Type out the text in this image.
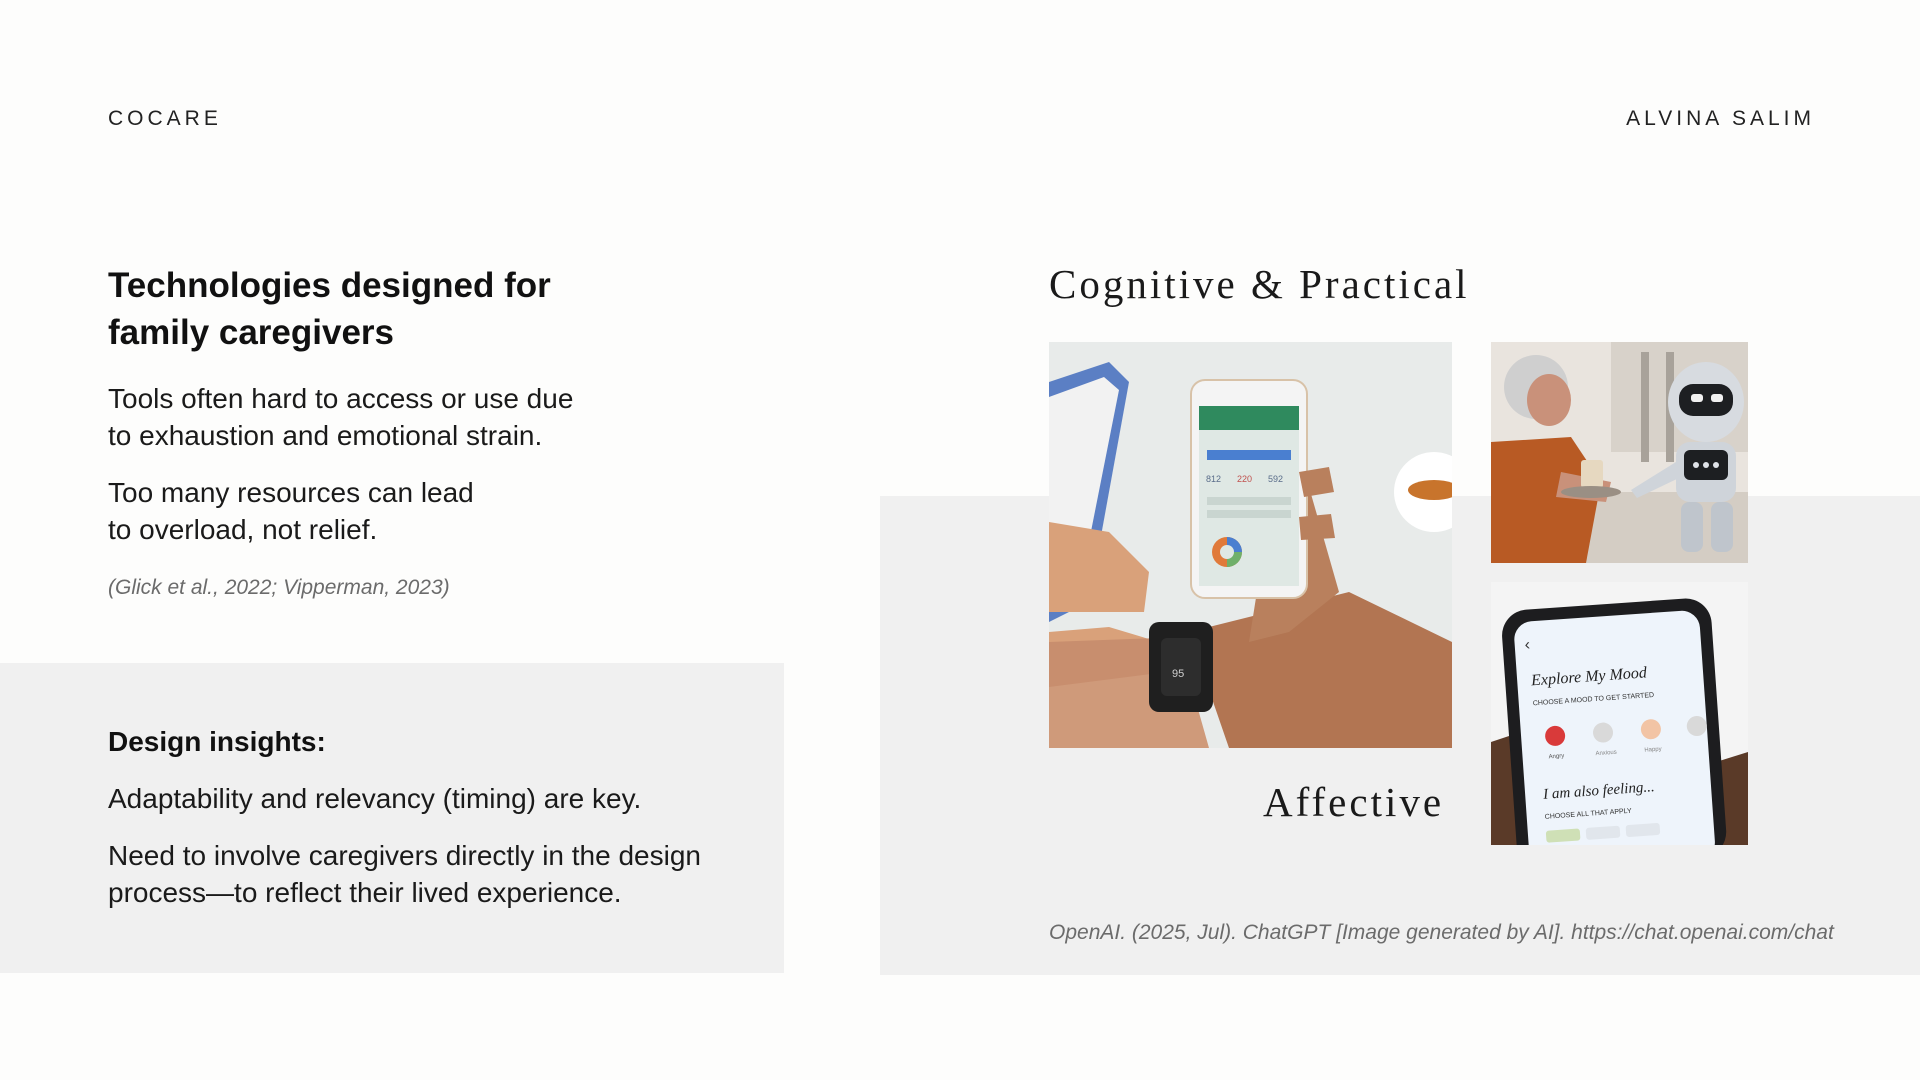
COCARE	ALVINA SALIM
Technologies designed for
family caregivers
Tools often hard to access or use due
to exhaustion and emotional strain.
Too many resources can lead
to overload, not relief.
(Glick et al., 2022; Vipperman, 2023)
Design insights:
Adaptability and relevancy (timing) are key.
Need to involve caregivers directly in the design
process—to reflect their lived experience.
Cognitive & Practical
Affective
95
812 220 592
‹
Explore My Mood
CHOOSE A MOOD TO GET STARTED
Angry	Anxious	Happy
I am also feeling...
CHOOSE ALL THAT APPLY
OpenAI. (2025, Jul). ChatGPT [Image generated by AI]. https://chat.openai.com/chat
